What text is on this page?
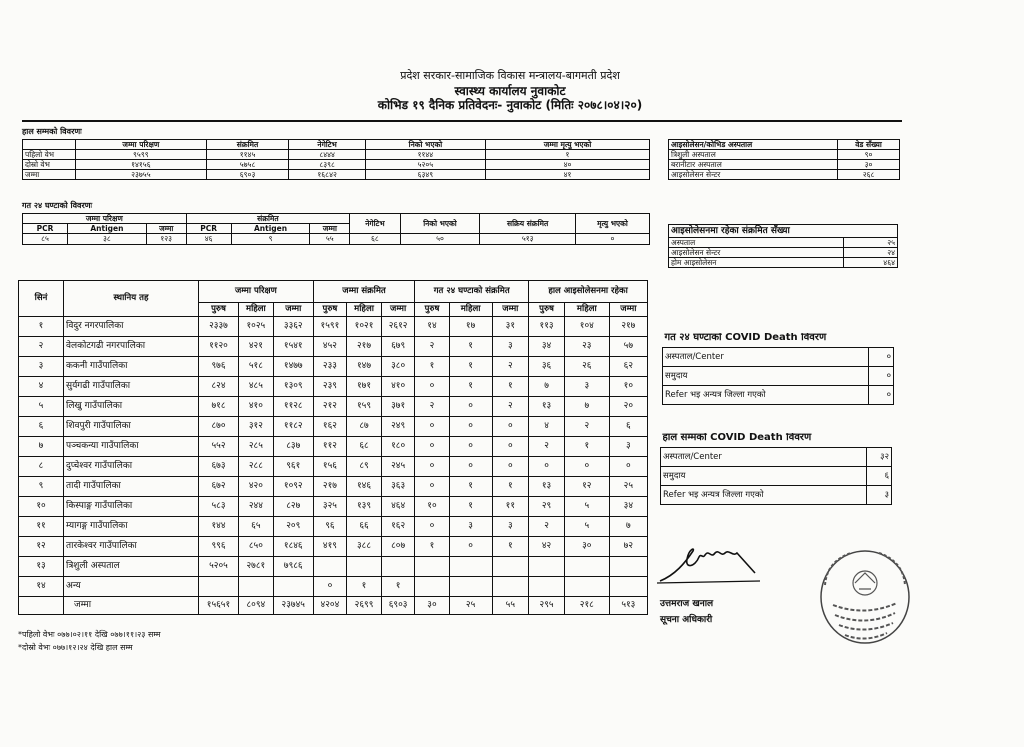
प्रदेश सरकार-सामाजिक विकास मन्त्रालय-बागमती प्रदेश
स्वास्थ्य कार्यालय नुवाकोट
कोभिड १९ दैनिक प्रतिवेदनः- नुवाकोट (मितिः २०७८।०४।२०)
हाल सम्मको विवरणः
	जम्मा परिक्षण	संक्रमित	नेगेटिभ	निको भएको	जम्मा मृत्यु भएको
पहिलो वेभ	९५९९	११४५	८४४४	११४४	१
दोस्रो वेभ	१४१५६	५७५८	८३९८	५२०५	४०
जम्मा	२३७५५	६९०३	१६८४२	६३४९	४१
आइसोलेसन/कोभिड अस्पताल	वेड सँख्या
त्रिशुली अस्पताल	९०
बरानीटार अस्पताल	३०
आइसोलेसन सेन्टर	२६८
गत २४ घण्टाको विवरणः
जम्मा परिक्षण			संक्रमित			नेगेटिभ	निको भएको	सक्रिय संक्रमित	मृत्यु भएको
PCR	Antigen	जम्मा	PCR	Antigen	जम्मा				
८५	३८	१२३	४६	९	५५	६८	५०	५१३	०
आइसोलेसनमा रहेका संक्रमित सँख्या	
अस्पताल	२५
आइसोलेसन सेन्टर	२४
होम आइसोलेसन	४६४
सिनं	स्थानिय तह	जम्मा परिक्षण			जम्मा संक्रमित			गत २४ घण्टाको संक्रमित			हाल आइसोलेसनमा रहेका		
		पुरुष	महिला	जम्मा	पुरुष	महिला	जम्मा	पुरुष	महिला	जम्मा	पुरुष	महिला	जम्मा
१	विदुर नगरपालिका	२३३७	१०२५	३३६२	१५९१	१०२१	२६१२	१४	१७	३१	११३	१०४	२१७
२	वेलकोटगढी नगरपालिका	११२०	४२१	१५४१	४५२	२१७	६७९	२	१	३	३४	२३	५७
३	ककनी गाउँपालिका	९७६	५१८	१४७७	२३३	१४७	३८०	१	१	२	३६	२६	६२
४	सुर्यगढी गाउँपालिका	८२४	४८५	१३०९	२३९	१७१	४१०	०	१	१	७	३	१०
५	लिखु गाउँपालिका	७१८	४१०	११२८	२१२	१५९	३७१	२	०	२	१३	७	२०
६	शिवपुरी गाउँपालिका	८७०	३१२	११८२	१६२	८७	२४९	०	०	०	४	२	६
७	पञ्चकन्या गाउँपालिका	५५२	२८५	८३७	११२	६८	१८०	०	०	०	२	१	३
८	दुप्चेश्वर गाउँपालिका	६७३	२८८	९६१	१५६	८९	२४५	०	०	०	०	०	०
९	तादी गाउँपालिका	६७२	४२०	१०९२	२१७	१४६	३६३	०	१	१	१३	१२	२५
१०	किस्पाङ्ग गाउँपालिका	५८३	२४४	८२७	३२५	१३९	४६४	१०	१	११	२९	५	३४
११	म्यागङ्ग गाउँपालिका	१४४	६५	२०९	९६	६६	१६२	०	३	३	२	५	७
१२	तारकेश्वर गाउँपालिका	९९६	८५०	१८४६	४१९	३८८	८०७	१	०	१	४२	३०	७२
१३	त्रिशुली अस्पताल	५२०५	२७८१	७९८६									
१४	अन्य				०	१	१						
	जम्मा	१५६५१	८०९४	२३७४५	४२०४	२६९९	६९०३	३०	२५	५५	२९५	२१८	५१३
गत २४ घण्टाको COVID Death विवरण	
अस्पताल/Center	०
समुदाय	०
Refer भइ अन्यत्र जिल्ला गएको	०
हाल सम्मको COVID Death विवरण	
अस्पताल/Center	३२
समुदाय	६
Refer भइ अन्यत्र जिल्ला गएको	३
उत्तमराज खनाल
सूचना अधिकारी
*पहिलो वेभः ०७७।०२।११ देखि ०७७।११।२३ सम्म
*दोस्रो वेभः ०७७।१२।२४ देखि हाल सम्म
